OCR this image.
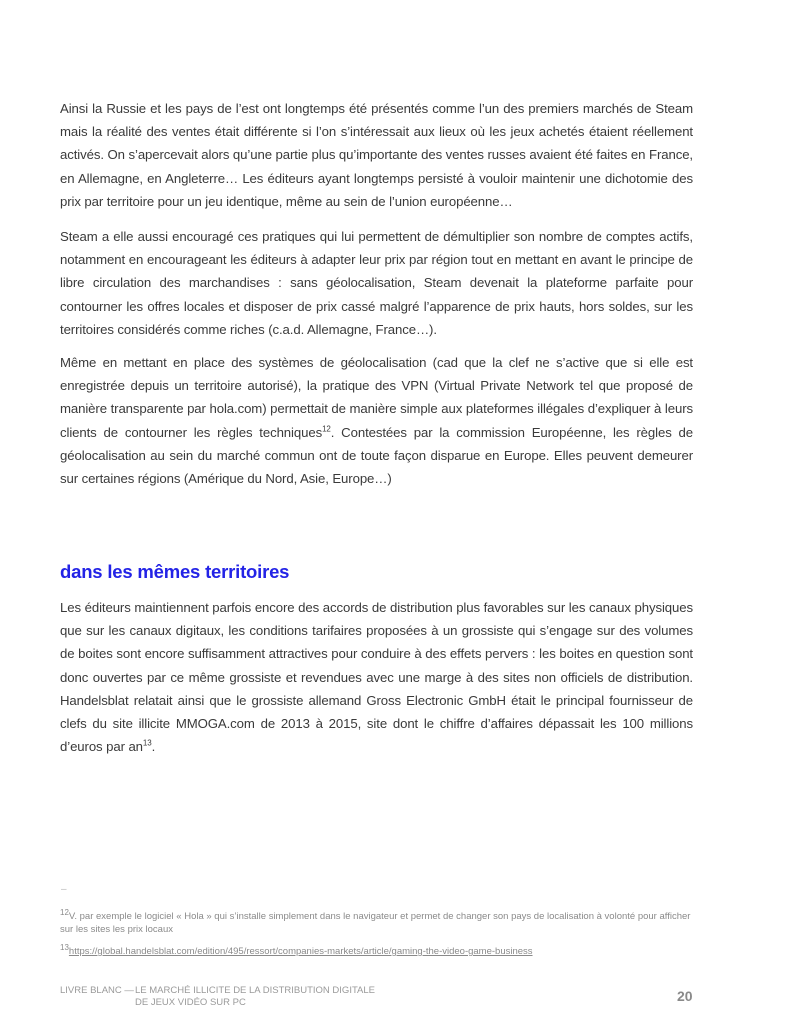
Ainsi la Russie et les pays de l’est ont longtemps été présentés comme l’un des premiers marchés de Steam mais la réalité des ventes était différente si l’on s’intéressait aux lieux où les jeux achetés étaient réellement activés. On s’apercevait alors qu’une partie plus qu’importante des ventes russes avaient été faites en France, en Allemagne, en Angleterre… Les éditeurs ayant longtemps persisté à vouloir maintenir une dichotomie des prix par territoire pour un jeu identique, même au sein de l’union européenne…

Steam a elle aussi encouragé ces pratiques qui lui permettent de démultiplier son nombre de comptes actifs, notamment en encourageant les éditeurs à adapter leur prix par région tout en mettant en avant le principe de libre circulation des marchandises : sans géolocalisation, Steam devenait la plateforme parfaite pour contourner les offres locales et disposer de prix cassé malgré l’apparence de prix hauts, hors soldes, sur les territoires considérés comme riches (c.a.d. Allemagne, France…).

Même en mettant en place des systèmes de géolocalisation (cad que la clef ne s’active que si elle est enregistrée depuis un territoire autorisé), la pratique des VPN (Virtual Private Network tel que proposé de manière transparente par hola.com) permettait de manière simple aux plateformes illégales d’expliquer à leurs clients de contourner les règles techniques$^{12}$. Contestées par la commission Européenne, les règles de géolocalisation au sein du marché commun ont de toute façon disparue en Europe. Elles peuvent demeurer sur certaines régions (Amérique du Nord, Asie, Europe…)

dans les mêmes territoires

Les éditeurs maintiennent parfois encore des accords de distribution plus favorables sur les canaux physiques que sur les canaux digitaux, les conditions tarifaires proposées à un grossiste qui s’engage sur des volumes de boites sont encore suffisamment attractives pour conduire à des effets pervers : les boites en question sont donc ouvertes par ce même grossiste et revendues avec une marge à des sites non officiels de distribution. Handelsblat relatait ainsi que le grossiste allemand Gross Electronic GmbH était le principal fournisseur de clefs du site illicite MMOGA.com de 2013 à 2015, site dont le chiffre d’affaires dépassait les 100 millions d’euros par $an^{13}$.

–

$^{12}$V. par exemple le logiciel « Hola » qui s’installe simplement dans le navigateur et permet de changer son pays de localisation à volonté pour afficher sur les sites les prix locaux

$^{13}$https://global.handelsblat.com/edition/495/ressort/companies-markets/article/gaming-the-video-game-business

LIVRE BLANC — LE MARCHÉ ILLICITE DE LA DISTRIBUTION DIGITALE
DE JEUX VIDÉO SUR PC	20
